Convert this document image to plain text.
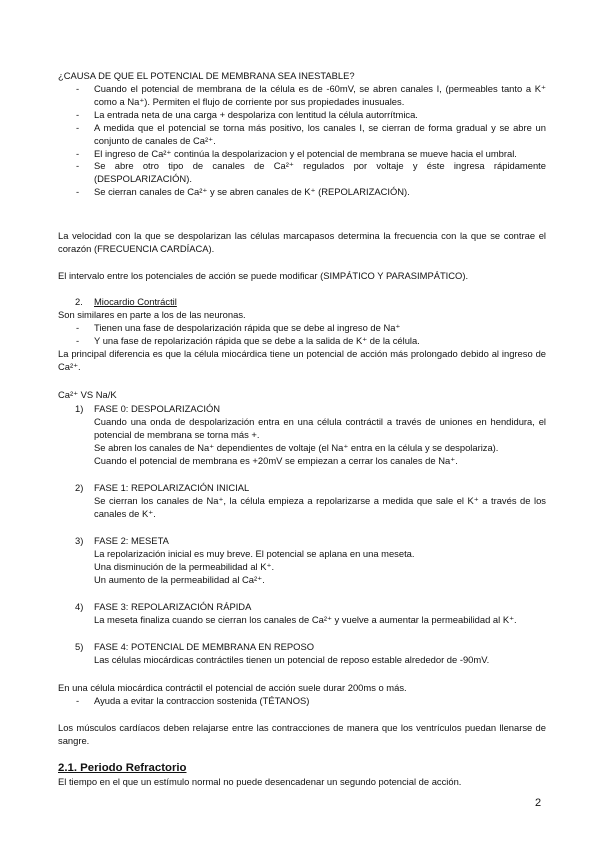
¿CAUSA DE QUE EL POTENCIAL DE MEMBRANA SEA INESTABLE?

- Cuando el potencial de membrana de la célula es de -60mV, se abren canales I, (permeables tanto a K⁺ como a Na⁺). Permiten el flujo de corriente por sus propiedades inusuales.
- La entrada neta de una carga + despolariza con lentitud la célula autorrítmica.
- A medida que el potencial se torna más positivo, los canales I, se cierran de forma gradual y se abre un conjunto de canales de Ca²⁺.
- El ingreso de Ca²⁺ continúa la despolarizacion y el potencial de membrana se mueve hacia el umbral.
- Se abre otro tipo de canales de Ca²⁺ regulados por voltaje y éste ingresa rápidamente (DESPOLARIZACIÓN).
- Se cierran canales de Ca²⁺ y se abren canales de K⁺ (REPOLARIZACIÓN).

La velocidad con la que se despolarizan las células marcapasos determina la frecuencia con la que se contrae el corazón (FRECUENCIA CARDÍACA).

El intervalo entre los potenciales de acción se puede modificar (SIMPÁTICO Y PARASIMPÁTICO).

2. Miocardio Contráctil

Son similares en parte a los de las neuronas.

- Tienen una fase de despolarización rápida que se debe al ingreso de Na⁺
- Y una fase de repolarización rápida que se debe a la salida de K⁺ de la célula.

La principal diferencia es que la célula miocárdica tiene un potencial de acción más prolongado debido al ingreso de Ca²⁺.

Ca²⁺ VS Na/K

1) FASE 0: DESPOLARIZACIÓN

Cuando una onda de despolarización entra en una célula contráctil a través de uniones en hendidura, el potencial de membrana se torna más +.

Se abren los canales de Na⁺ dependientes de voltaje (el Na⁺ entra en la célula y se despolariza).

Cuando el potencial de membrana es +20mV se empiezan a cerrar los canales de Na⁺.

2) FASE 1: REPOLARIZACIÓN INICIAL

Se cierran los canales de Na⁺, la célula empieza a repolarizarse a medida que sale el K⁺ a través de los canales de K⁺.

3) FASE 2: MESETA

La repolarización inicial es muy breve. El potencial se aplana en una meseta.

Una disminución de la permeabilidad al K⁺.

Un aumento de la permeabilidad al Ca²⁺.

4) FASE 3: REPOLARIZACIÓN RÁPIDA

La meseta finaliza cuando se cierran los canales de Ca²⁺ y vuelve a aumentar la permeabilidad al K⁺.

5) FASE 4: POTENCIAL DE MEMBRANA EN REPOSO

Las células miocárdicas contráctiles tienen un potencial de reposo estable alrededor de -90mV.

En una célula miocárdica contráctil el potencial de acción suele durar 200ms o más.

- Ayuda a evitar la contraccion sostenida (TÉTANOS)

Los músculos cardíacos deben relajarse entre las contracciones de manera que los ventrículos puedan llenarse de sangre.

2.1. Periodo Refractorio

El tiempo en el que un estímulo normal no puede desencadenar un segundo potencial de acción.

2
